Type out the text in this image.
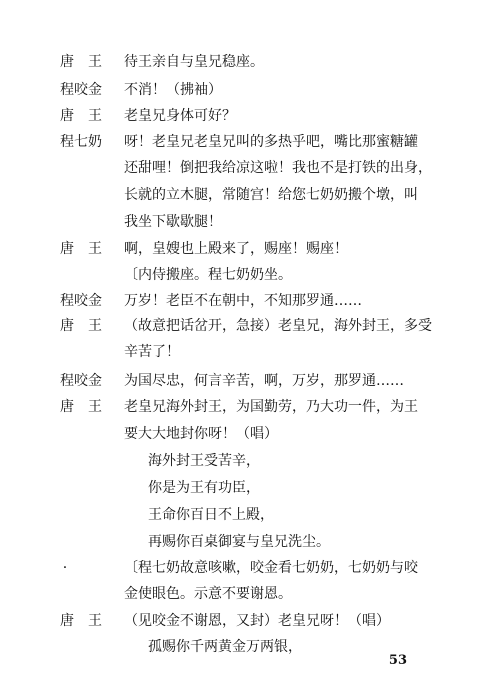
唐　王	待王亲自与皇兄稳座。
程咬金	不消！（拂袖）
唐　王	老皇兄身体可好？
程七奶	呀！老皇兄老皇兄叫的多热乎吧，嘴比那蜜糖罐
还甜哩！倒把我给凉这啦！我也不是打铁的出身，
长就的立木腿，常随宫！给您七奶奶搬个墩，叫
我坐下歇歇腿！
唐　王	啊，皇嫂也上殿来了，赐座！赐座！
〔内侍搬座。程七奶奶坐。
程咬金	万岁！老臣不在朝中，不知那罗通……
唐　王	（故意把话岔开，急接）老皇兄，海外封王，多受
辛苦了！
程咬金	为国尽忠，何言辛苦，啊，万岁，那罗通……
唐　王	老皇兄海外封王，为国勤劳，乃大功一件，为王
要大大地封你呀！（唱）
海外封王受苦辛，
你是为王有功臣，
王命你百日不上殿，
再赐你百桌御宴与皇兄洗尘。
·	〔程七奶故意咳嗽，咬金看七奶奶，七奶奶与咬
金使眼色。示意不要谢恩。
唐　王	（见咬金不谢恩，又封）老皇兄呀！（唱）
孤赐你千两黄金万两银，
53
